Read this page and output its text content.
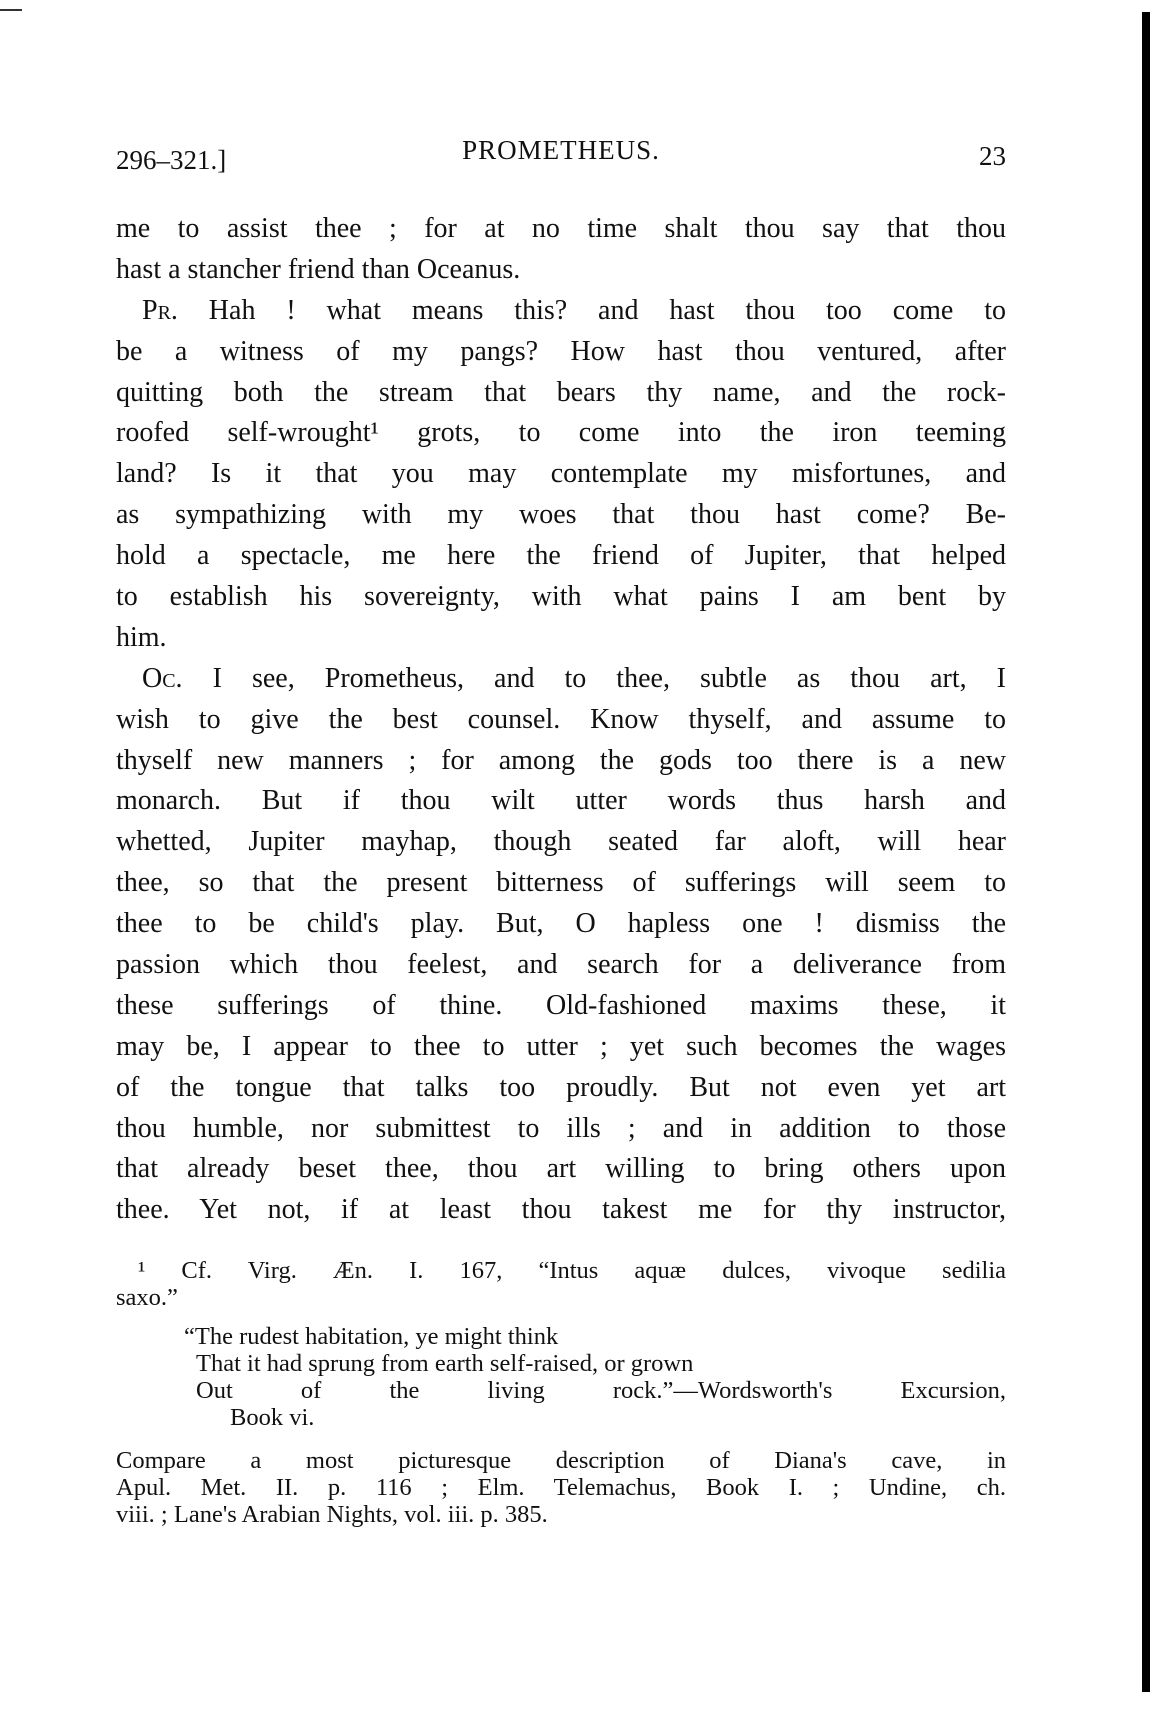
296–321.]	PROMETHEUS.	23
me to assist thee ; for at no time shalt thou say that thou
hast a stancher friend than Oceanus.
Pr. Hah ! what means this? and hast thou too come to
be a witness of my pangs? How hast thou ventured, after
quitting both the stream that bears thy name, and the rock-
roofed self-wrought¹ grots, to come into the iron teeming
land? Is it that you may contemplate my misfortunes, and
as sympathizing with my woes that thou hast come? Be-
hold a spectacle, me here the friend of Jupiter, that helped
to establish his sovereignty, with what pains I am bent by
him.
Oc. I see, Prometheus, and to thee, subtle as thou art, I
wish to give the best counsel. Know thyself, and assume to
thyself new manners ; for among the gods too there is a new
monarch. But if thou wilt utter words thus harsh and
whetted, Jupiter mayhap, though seated far aloft, will hear
thee, so that the present bitterness of sufferings will seem to
thee to be child's play. But, O hapless one ! dismiss the
passion which thou feelest, and search for a deliverance from
these sufferings of thine. Old-fashioned maxims these, it
may be, I appear to thee to utter ; yet such becomes the wages
of the tongue that talks too proudly. But not even yet art
thou humble, nor submittest to ills ; and in addition to those
that already beset thee, thou art willing to bring others upon
thee. Yet not, if at least thou takest me for thy instructor,
¹ Cf. Virg. Æn. I. 167, “Intus aquæ dulces, vivoque sedilia
saxo.”
“The rudest habitation, ye might think
That it had sprung from earth self-raised, or grown
Out of the living rock.”—Wordsworth's Excursion,
Book vi.
Compare a most picturesque description of Diana's cave, in
Apul. Met. II. p. 116 ; Elm. Telemachus, Book I. ; Undine, ch.
viii. ; Lane's Arabian Nights, vol. iii. p. 385.
